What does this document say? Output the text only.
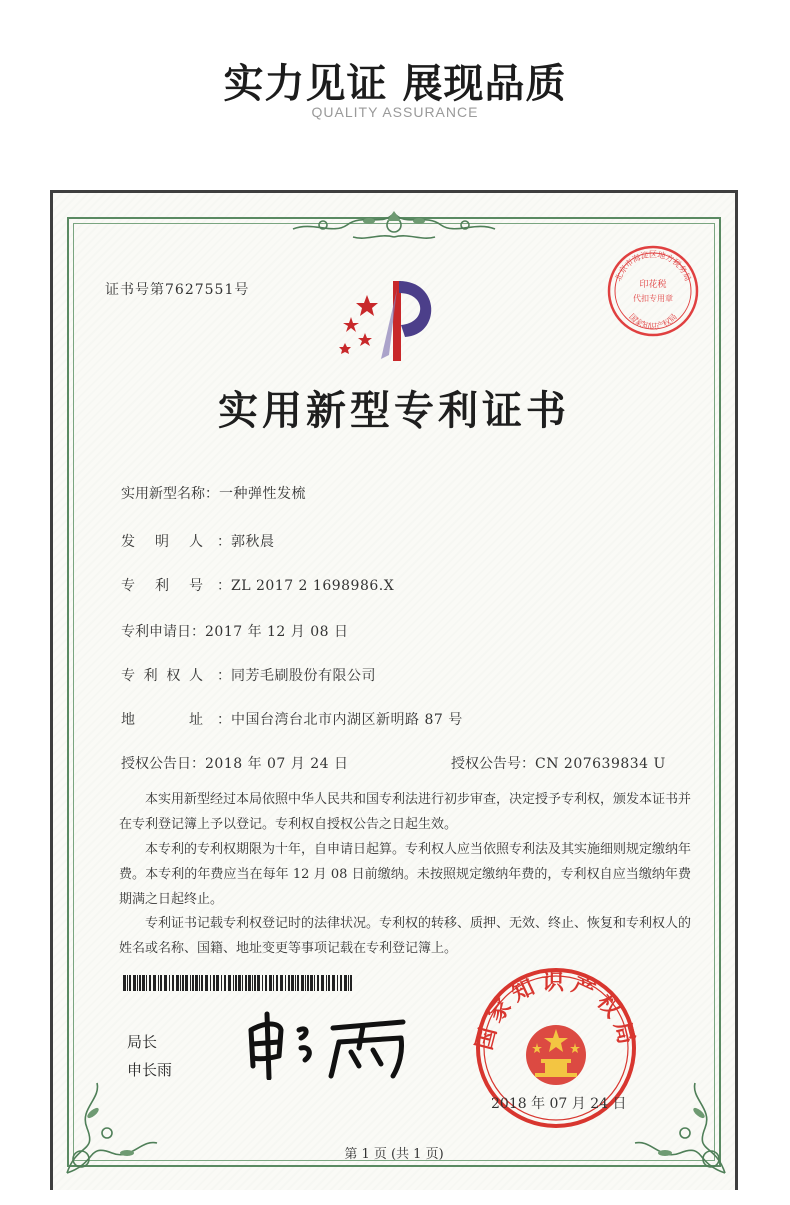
实力见证 展现品质
QUALITY ASSURANCE
证书号第7627551号
北京市海淀区地方税务局
印花税
代扣专用章
国家知识产权局
实用新型专利证书
实用新型名称：一种弹性发梳
发 明 人 ：郭秋晨
专 利 号 ：ZL 2017 2 1698986.X
专利申请日：2017 年 12 月 08 日
专 利 权 人 ：同芳毛刷股份有限公司
地	址 ：中国台湾台北市内湖区新明路 87 号
授权公告日：2018 年 07 月 24 日	授权公告号：CN 207639834 U
本实用新型经过本局依照中华人民共和国专利法进行初步审查，决定授予专利权，颁发本证书并在专利登记簿上予以登记。专利权自授权公告之日起生效。
本专利的专利权期限为十年，自申请日起算。专利权人应当依照专利法及其实施细则规定缴纳年费。本专利的年费应当在每年 12 月 08 日前缴纳。未按照规定缴纳年费的，专利权自应当缴纳年费期满之日起终止。
专利证书记载专利权登记时的法律状况。专利权的转移、质押、无效、终止、恢复和专利权人的姓名或名称、国籍、地址变更等事项记载在专利登记簿上。
局长
申长雨
国家知识产权局
2018 年 07 月 24 日
第 1 页 (共 1 页)
